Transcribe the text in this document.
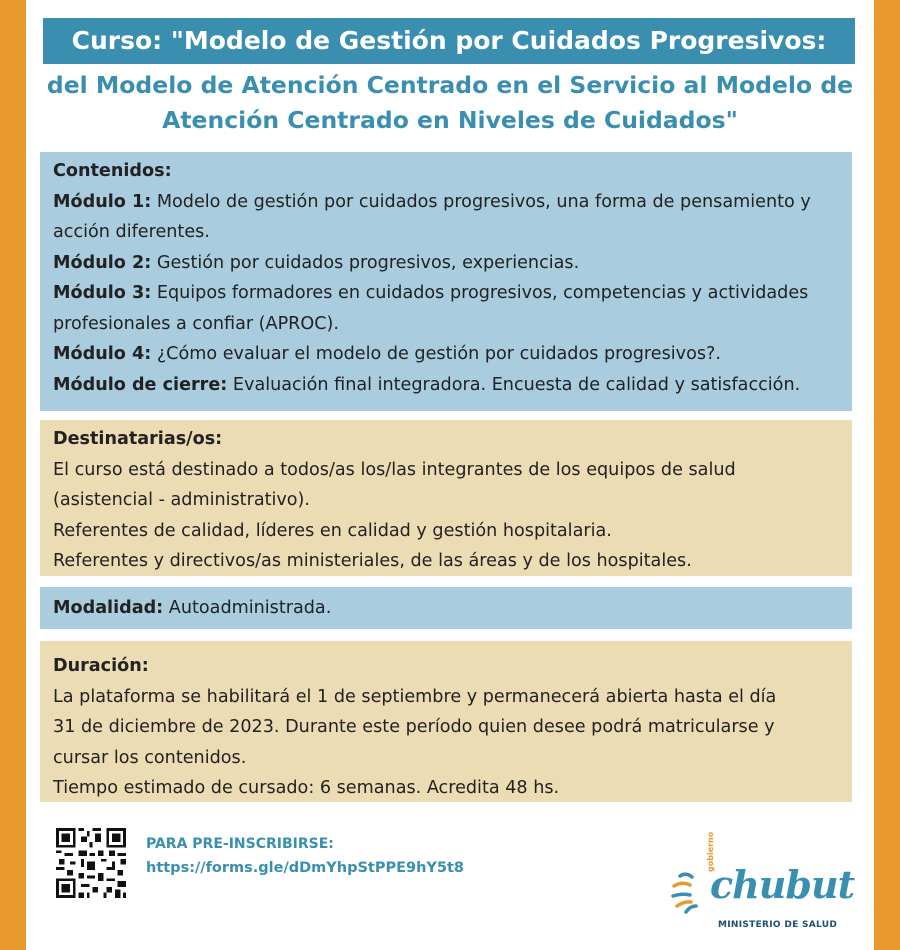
Curso: "Modelo de Gestión por Cuidados Progresivos:
del Modelo de Atención Centrado en el Servicio al Modelo de
Atención Centrado en Niveles de Cuidados"
Contenidos:
Módulo 1: Modelo de gestión por cuidados progresivos, una forma de pensamiento y
acción diferentes.
Módulo 2: Gestión por cuidados progresivos, experiencias.
Módulo 3: Equipos formadores en cuidados progresivos, competencias y actividades
profesionales a confiar (APROC).
Módulo 4: ¿Cómo evaluar el modelo de gestión por cuidados progresivos?.
Módulo de cierre: Evaluación final integradora. Encuesta de calidad y satisfacción.
Destinatarias/os:
El curso está destinado a todos/as los/las integrantes de los equipos de salud
(asistencial - administrativo).
Referentes de calidad, líderes en calidad y gestión hospitalaria.
Referentes y directivos/as ministeriales, de las áreas y de los hospitales.
Modalidad: Autoadministrada.
Duración:
La plataforma se habilitará el 1 de septiembre y permanecerá abierta hasta el día
31 de diciembre de 2023. Durante este período quien desee podrá matricularse y
cursar los contenidos.
Tiempo estimado de cursado: 6 semanas. Acredita 48 hs.
PARA PRE-INSCRIBIRSE:
https://forms.gle/dDmYhpStPPE9hY5t8	gobierno
chubut
MINISTERIO DE SALUD
